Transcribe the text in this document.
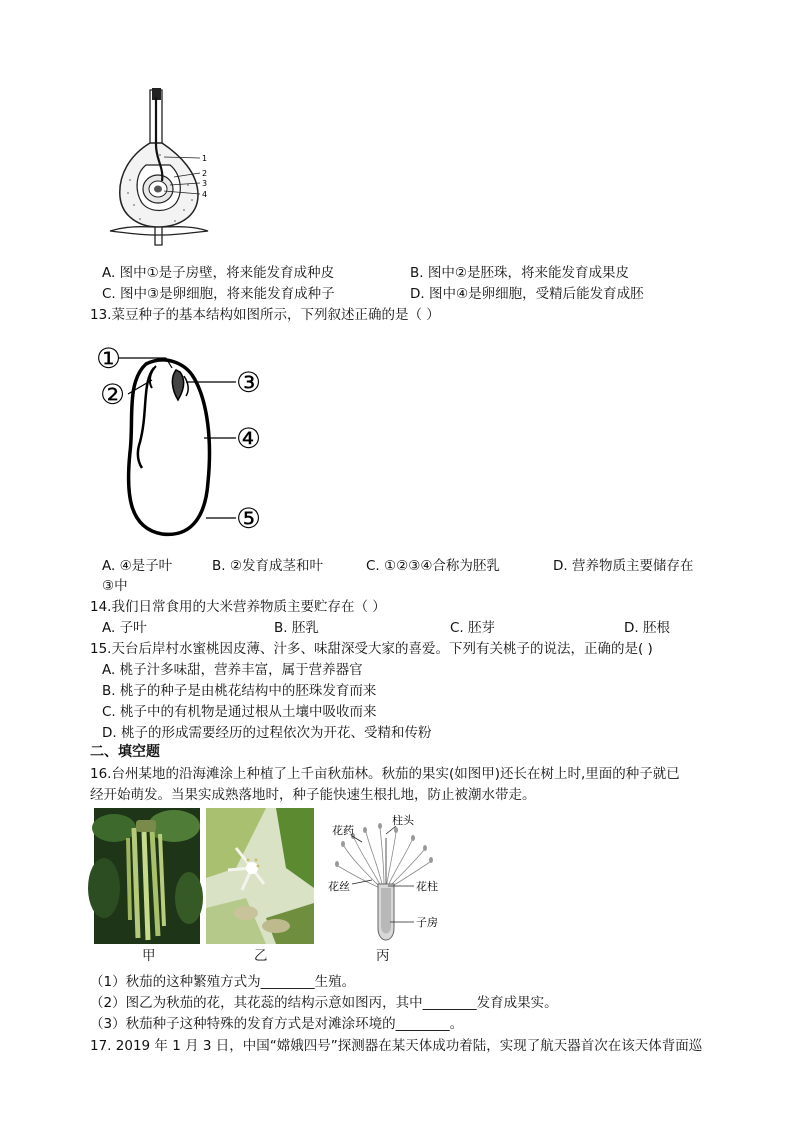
1
2
3
4
A. 图中①是子房壁，将来能发育成种皮	B. 图中②是胚珠，将来能发育成果皮
C. 图中③是卵细胞，将来能发育成种子	D. 图中④是卵细胞，受精后能发育成胚
13.菜豆种子的基本结构如图所示，下列叙述正确的是（ ）
①
②	③
④
⑤
A. ④是子叶	B. ②发育成茎和叶	C. ①②③④合称为胚乳	D. 营养物质主要储存在
③中
14.我们日常食用的大米营养物质主要贮存在（ ）
A. 子叶	B. 胚乳	C. 胚芽	D. 胚根
15.天台后岸村水蜜桃因皮薄、汁多、味甜深受大家的喜爱。下列有关桃子的说法，正确的是( )
A. 桃子汁多味甜，营养丰富，属于营养器官
B. 桃子的种子是由桃花结构中的胚珠发育而来
C. 桃子中的有机物是通过根从土壤中吸收而来
D. 桃子的形成需要经历的过程依次为开花、受精和传粉
二、填空题
16.台州某地的沿海滩涂上种植了上千亩秋茄林。秋茄的果实(如图甲)还长在树上时,里面的种子就已
经开始萌发。当果实成熟落地时，种子能快速生根扎地，防止被潮水带走。
甲	乙
花药
柱头
花丝	花柱
子房
丙
（1）秋茄的这种繁殖方式为________生殖。
（2）图乙为秋茄的花，其花蕊的结构示意如图丙，其中________发育成果实。
（3）秋茄种子这种特殊的发育方式是对滩涂环境的________。
17. 2019 年 1 月 3 日，中国“嫦娥四号”探测器在某天体成功着陆，实现了航天器首次在该天体背面巡
